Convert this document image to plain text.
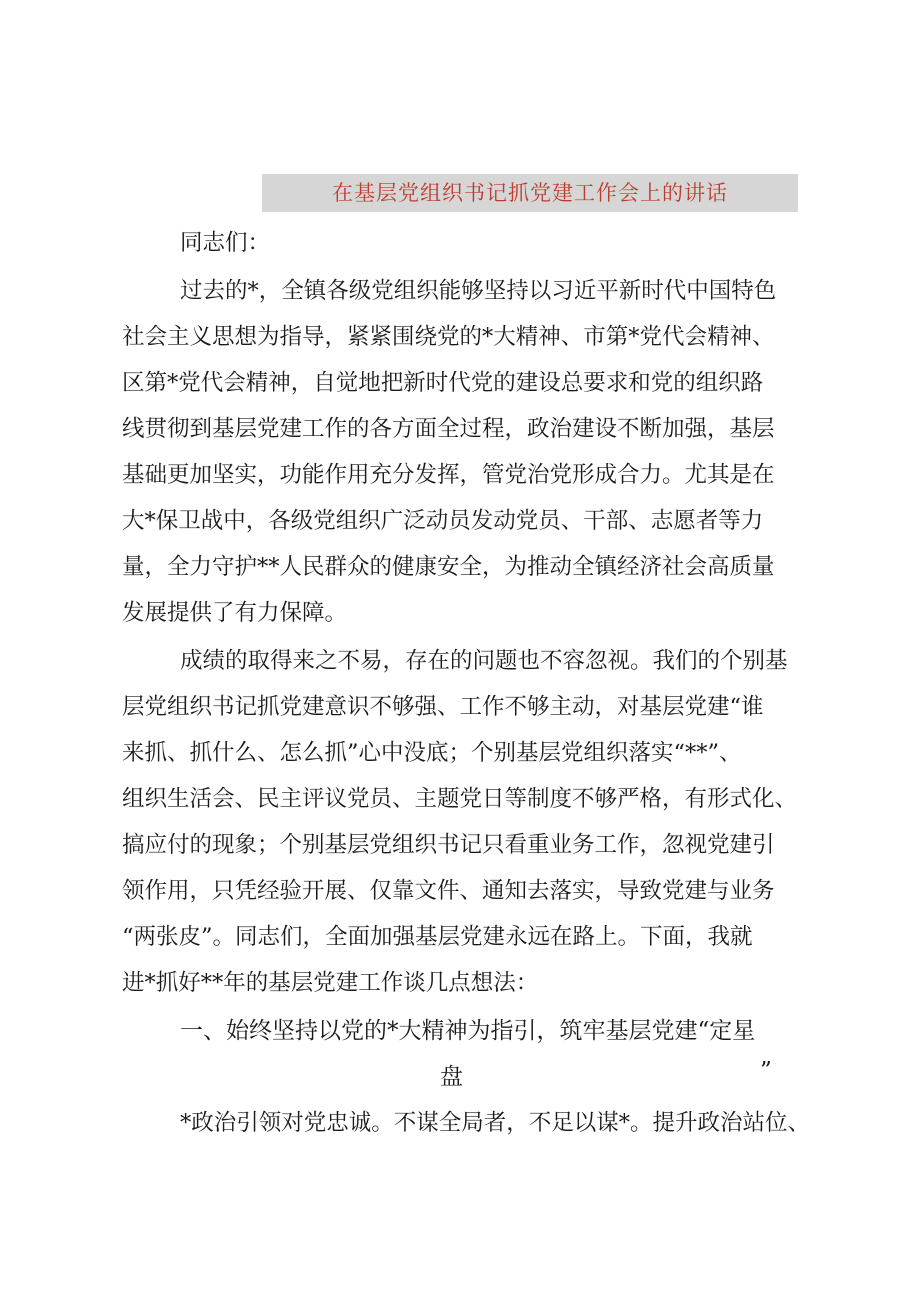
在基层党组织书记抓党建工作会上的讲话
同志们：
过去的*，全镇各级党组织能够坚持以习近平新时代中国特色
社会主义思想为指导，紧紧围绕党的*大精神、市第*党代会精神、
区第*党代会精神，自觉地把新时代党的建设总要求和党的组织路
线贯彻到基层党建工作的各方面全过程，政治建设不断加强，基层
基础更加坚实，功能作用充分发挥，管党治党形成合力。尤其是在
大*保卫战中，各级党组织广泛动员发动党员、干部、志愿者等力
量，全力守护**人民群众的健康安全，为推动全镇经济社会高质量
发展提供了有力保障。
成绩的取得来之不易，存在的问题也不容忽视。我们的个别基
层党组织书记抓党建意识不够强、工作不够主动，对基层党建“谁
来抓、抓什么、怎么抓”心中没底；个别基层党组织落实“**”、
组织生活会、民主评议党员、主题党日等制度不够严格，有形式化、
搞应付的现象；个别基层党组织书记只看重业务工作，忽视党建引
领作用，只凭经验开展、仅靠文件、通知去落实，导致党建与业务
“两张皮”。同志们，全面加强基层党建永远在路上。下面，我就
进*抓好**年的基层党建工作谈几点想法：
一、始终坚持以党的*大精神为指引，筑牢基层党建“定星
盘	”
*政治引领对党忠诚。不谋全局者，不足以谋*。提升政治站位、
